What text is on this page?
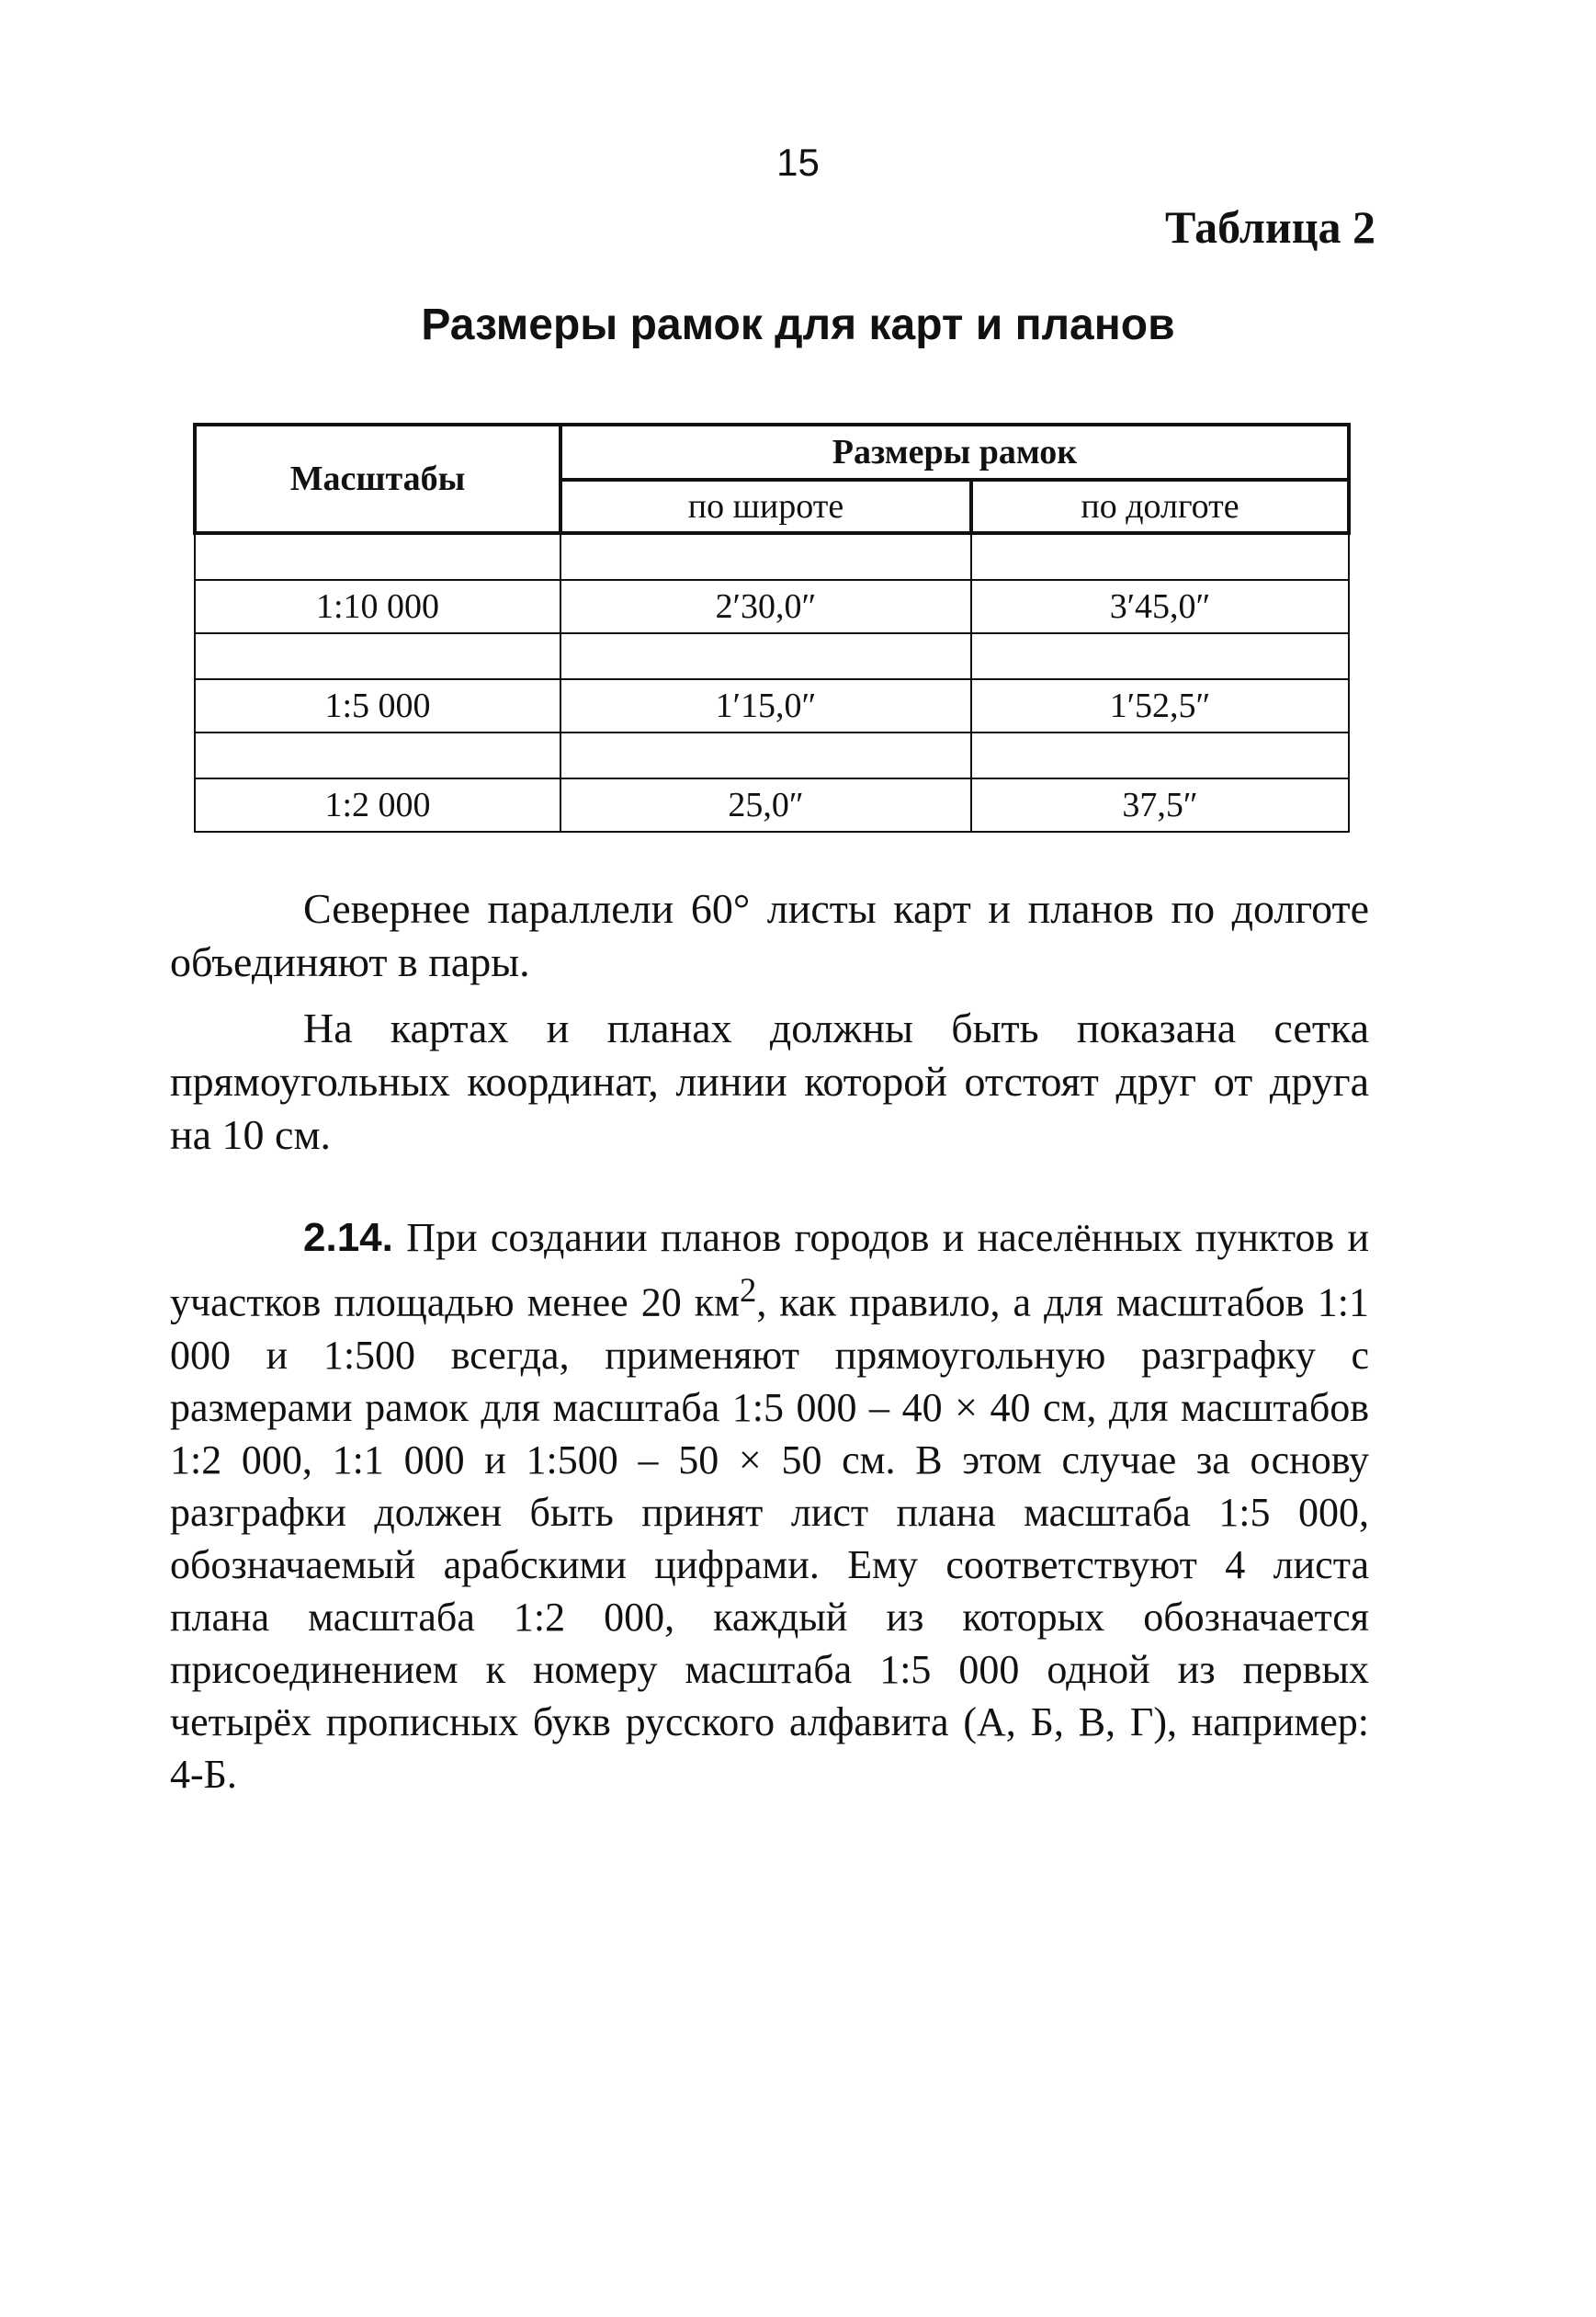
15
Таблица 2
Размеры рамок для карт и планов
Масштабы	Размеры рамок	
	по широте	по долготе

1:10 000	2′30,0″	3′45,0″

1:5 000	1′15,0″	1′52,5″

1:2 000	25,0″	37,5″

Севернее параллели 60° листы карт и планов по долготе объединяют в пары.

На картах и планах должны быть показана сетка прямоугольных координат, линии которой отстоят друг от друга на 10 см.

2.14. При создании планов городов и населённых пунктов и участков площадью менее 20 $км^2$, как правило, а для масштабов 1:1 000 и 1:500 всегда, применяют прямоугольную разграфку с размерами рамок для масштаба 1:5 000 – 40 × 40 см, для масштабов 1:2 000, 1:1 000 и 1:500 – 50 × 50 см. В этом случае за основу разграфки должен быть принят лист плана масштаба 1:5 000, обозначаемый арабскими цифрами. Ему соответствуют 4 листа плана масштаба 1:2 000, каждый из которых обозначается присоединением к номеру масштаба 1:5 000 одной из первых четырёх прописных букв русского алфавита (А, Б, В, Г), например: 4-Б.
